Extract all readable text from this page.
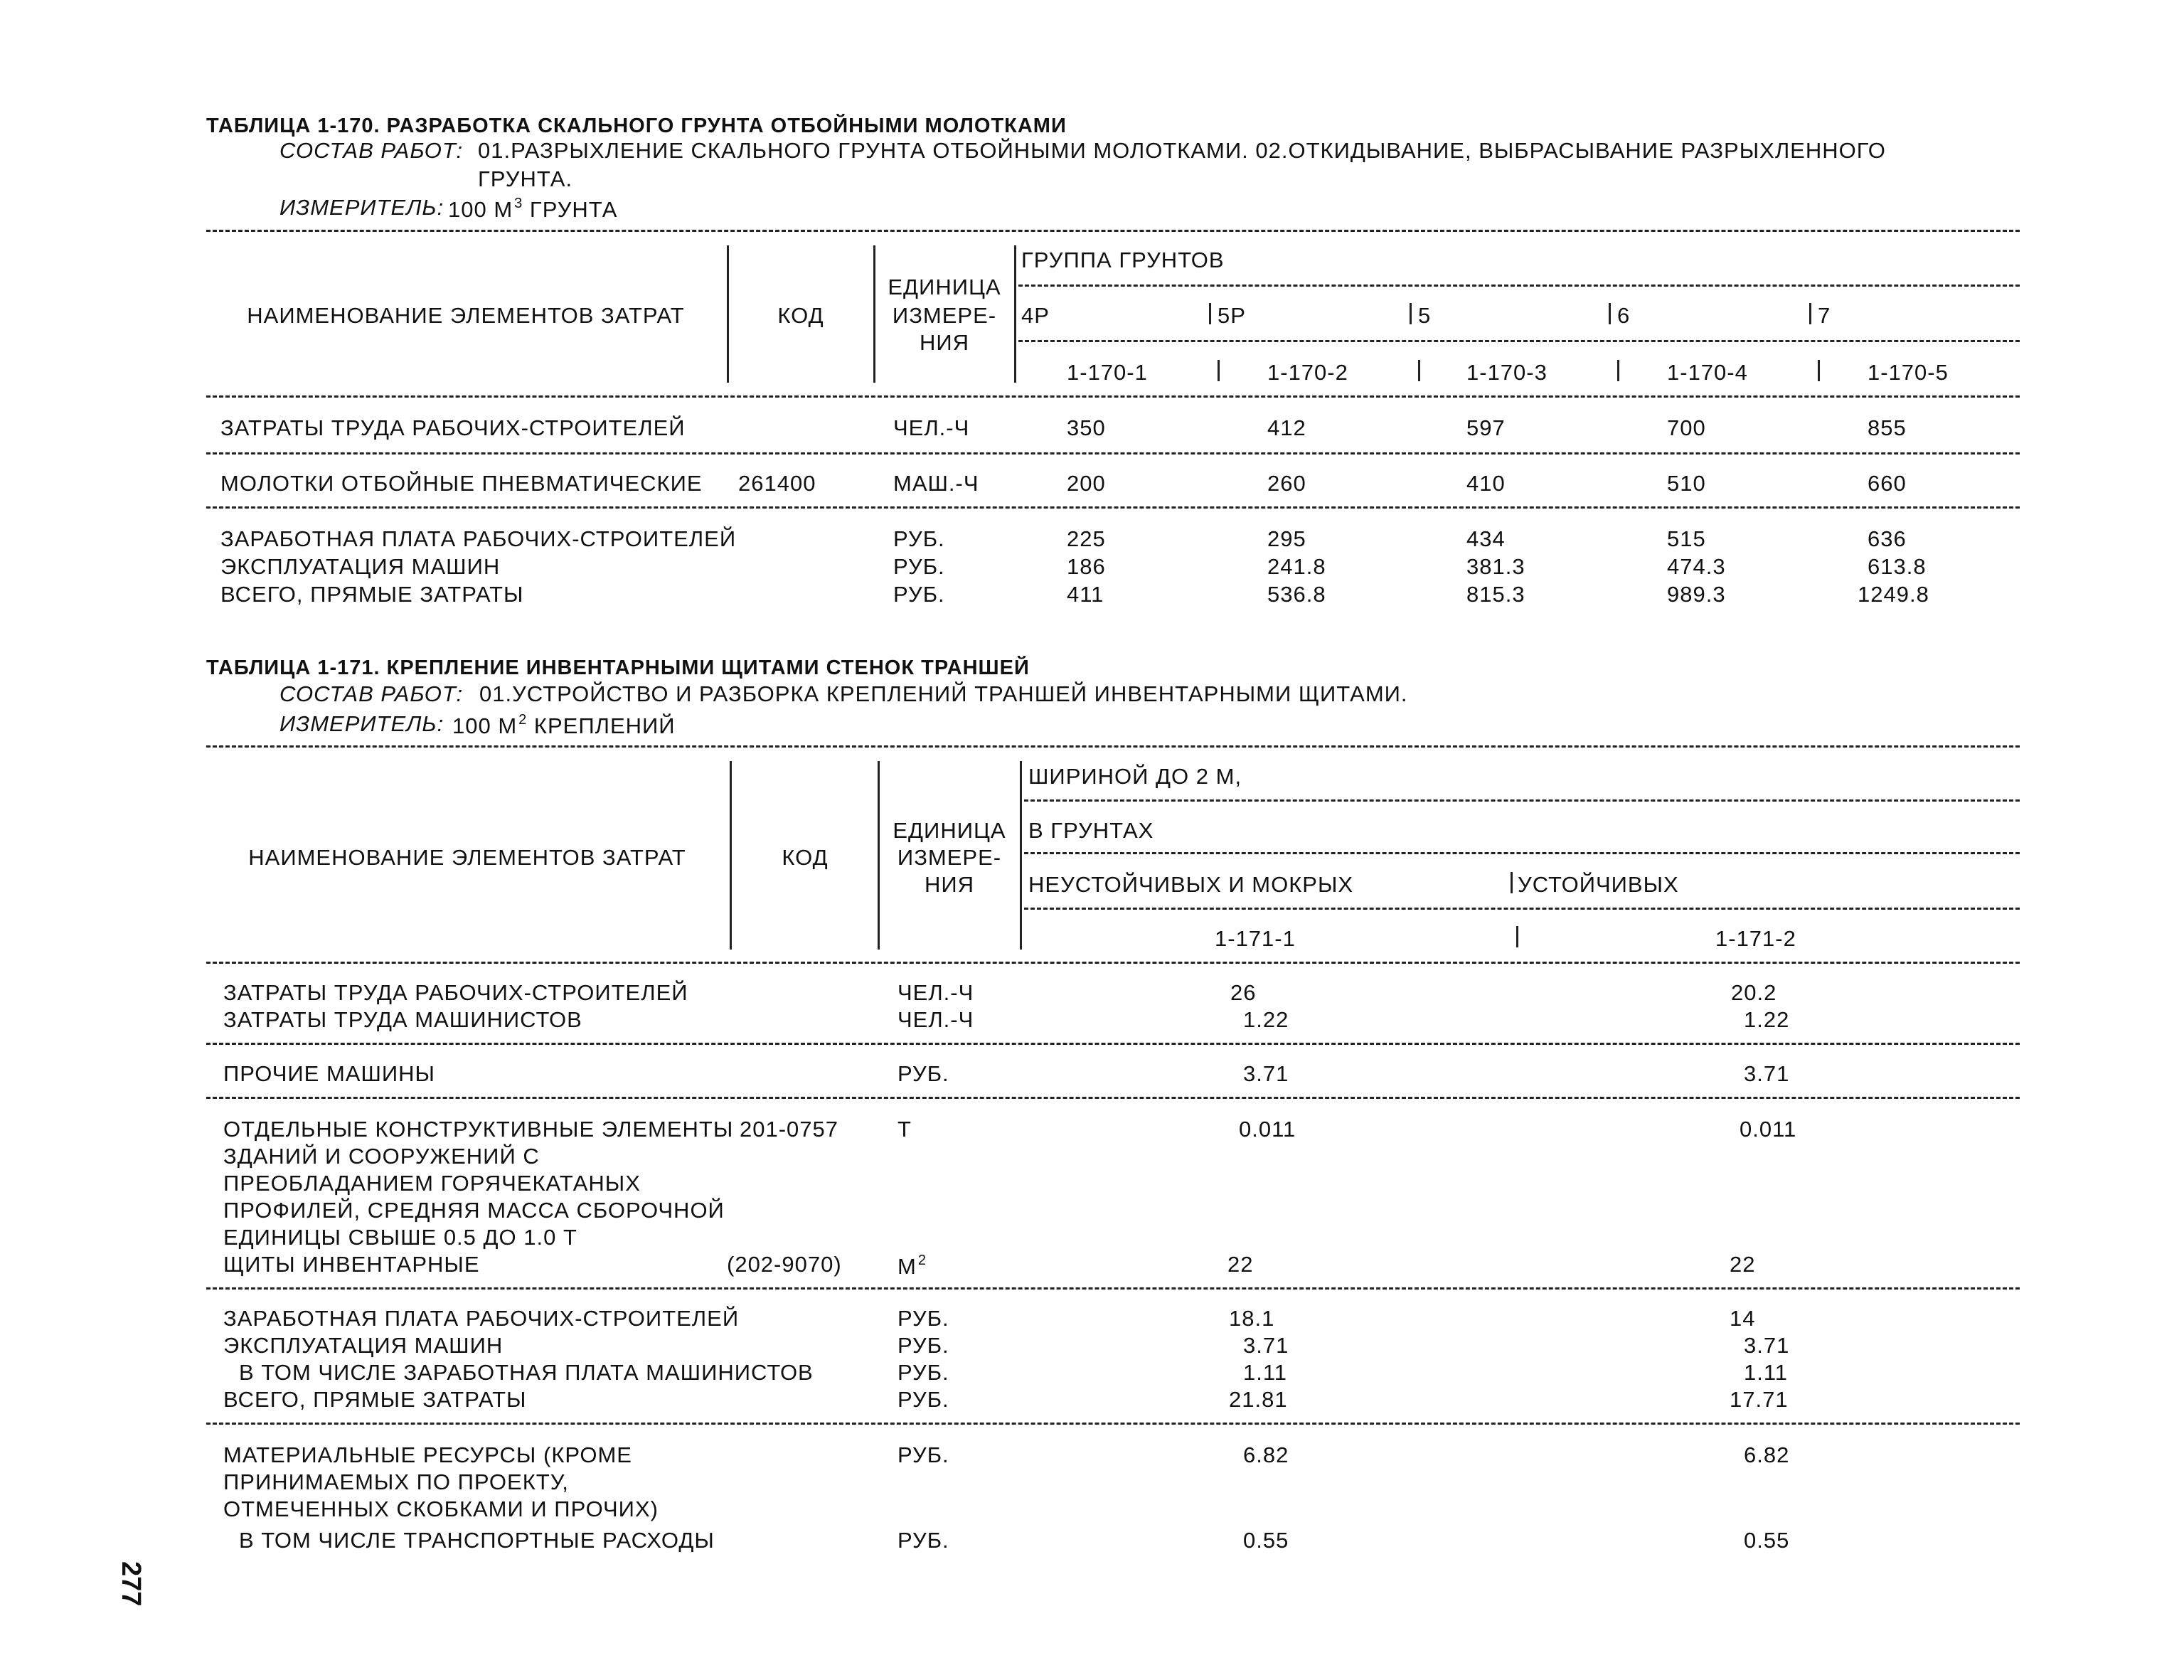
ТАБЛИЦА 1-170. РАЗРАБОТКА СКАЛЬНОГО ГРУНТА ОТБОЙНЫМИ МОЛОТКАМИ
СОСТАВ РАБОТ: 01.РАЗРЫХЛЕНИЕ СКАЛЬНОГО ГРУНТА ОТБОЙНЫМИ МОЛОТКАМИ. 02.ОТКИДЫВАНИЕ, ВЫБРАСЫВАНИЕ РАЗРЫХЛЕННОГО
ГРУНТА.
ИЗМЕРИТЕЛЬ: 100 М $^3$ ГРУНТА
ГРУППА ГРУНТОВ
ЕДИНИЦА
НАИМЕНОВАНИЕ ЭЛЕМЕНТОВ ЗАТРАТ	КОД	ИЗМЕРЕ-
НИЯ
4Р	5Р	5	6	7
1-170-1	1-170-2	1-170-3	1-170-4	1-170-5
ЗАТРАТЫ ТРУДА РАБОЧИХ-СТРОИТЕЛЕЙ	ЧЕЛ.-Ч	350	412	597	700	855
МОЛОТКИ ОТБОЙНЫЕ ПНЕВМАТИЧЕСКИЕ 261400	МАШ.-Ч	200	260	410	510	660
ЗАРАБОТНАЯ ПЛАТА РАБОЧИХ-СТРОИТЕЛЕЙ	РУБ.	225	295	434	515	636
ЭКСПЛУАТАЦИЯ МАШИН	РУБ.	186	241.8	381.3	474.3	613.8
ВСЕГО, ПРЯМЫЕ ЗАТРАТЫ	РУБ.	411	536.8	815.3	989.3	1249.8
ТАБЛИЦА 1-171. КРЕПЛЕНИЕ ИНВЕНТАРНЫМИ ЩИТАМИ СТЕНОК ТРАНШЕЙ
СОСТАВ РАБОТ: 01.УСТРОЙСТВО И РАЗБОРКА КРЕПЛЕНИЙ ТРАНШЕЙ ИНВЕНТАРНЫМИ ЩИТАМИ.
ИЗМЕРИТЕЛЬ: 100 М $^2$ КРЕПЛЕНИЙ
ШИРИНОЙ ДО 2 М,
В ГРУНТАХ
ЕДИНИЦА
НАИМЕНОВАНИЕ ЭЛЕМЕНТОВ ЗАТРАТ	КОД	ИЗМЕРЕ-
НИЯ	НЕУСТОЙЧИВЫХ И МОКРЫХ	УСТОЙЧИВЫХ
1-171-1	1-171-2
ЗАТРАТЫ ТРУДА РАБОЧИХ-СТРОИТЕЛЕЙ	ЧЕЛ.-Ч	26	20.2
ЗАТРАТЫ ТРУДА МАШИНИСТОВ	ЧЕЛ.-Ч	1.22	1.22
ПРОЧИЕ МАШИНЫ	РУБ.	3.71	3.71
ОТДЕЛЬНЫЕ КОНСТРУКТИВНЫЕ ЭЛЕМЕНТЫ 201-0757	Т	0.011	0.011
ЗДАНИЙ И СООРУЖЕНИЙ С
ПРЕОБЛАДАНИЕМ ГОРЯЧЕКАТАНЫХ
ПРОФИЛЕЙ, СРЕДНЯЯ МАССА СБОРОЧНОЙ
ЕДИНИЦЫ СВЫШЕ 0.5 ДО 1.0 Т
ЩИТЫ ИНВЕНТАРНЫЕ	(202-9070)	М $^2$	22	22
ЗАРАБОТНАЯ ПЛАТА РАБОЧИХ-СТРОИТЕЛЕЙ	РУБ.	18.1	14
ЭКСПЛУАТАЦИЯ МАШИН	РУБ.	3.71	3.71
В ТОМ ЧИСЛЕ ЗАРАБОТНАЯ ПЛАТА МАШИНИСТОВ	РУБ.	1.11	1.11
ВСЕГО, ПРЯМЫЕ ЗАТРАТЫ	РУБ.	21.81	17.71
МАТЕРИАЛЬНЫЕ РЕСУРСЫ (КРОМЕ	РУБ.	6.82	6.82
ПРИНИМАЕМЫХ ПО ПРОЕКТУ,
ОТМЕЧЕННЫХ СКОБКАМИ И ПРОЧИХ)
В ТОМ ЧИСЛЕ ТРАНСПОРТНЫЕ РАСХОДЫ	РУБ.	0.55	0.55
277
